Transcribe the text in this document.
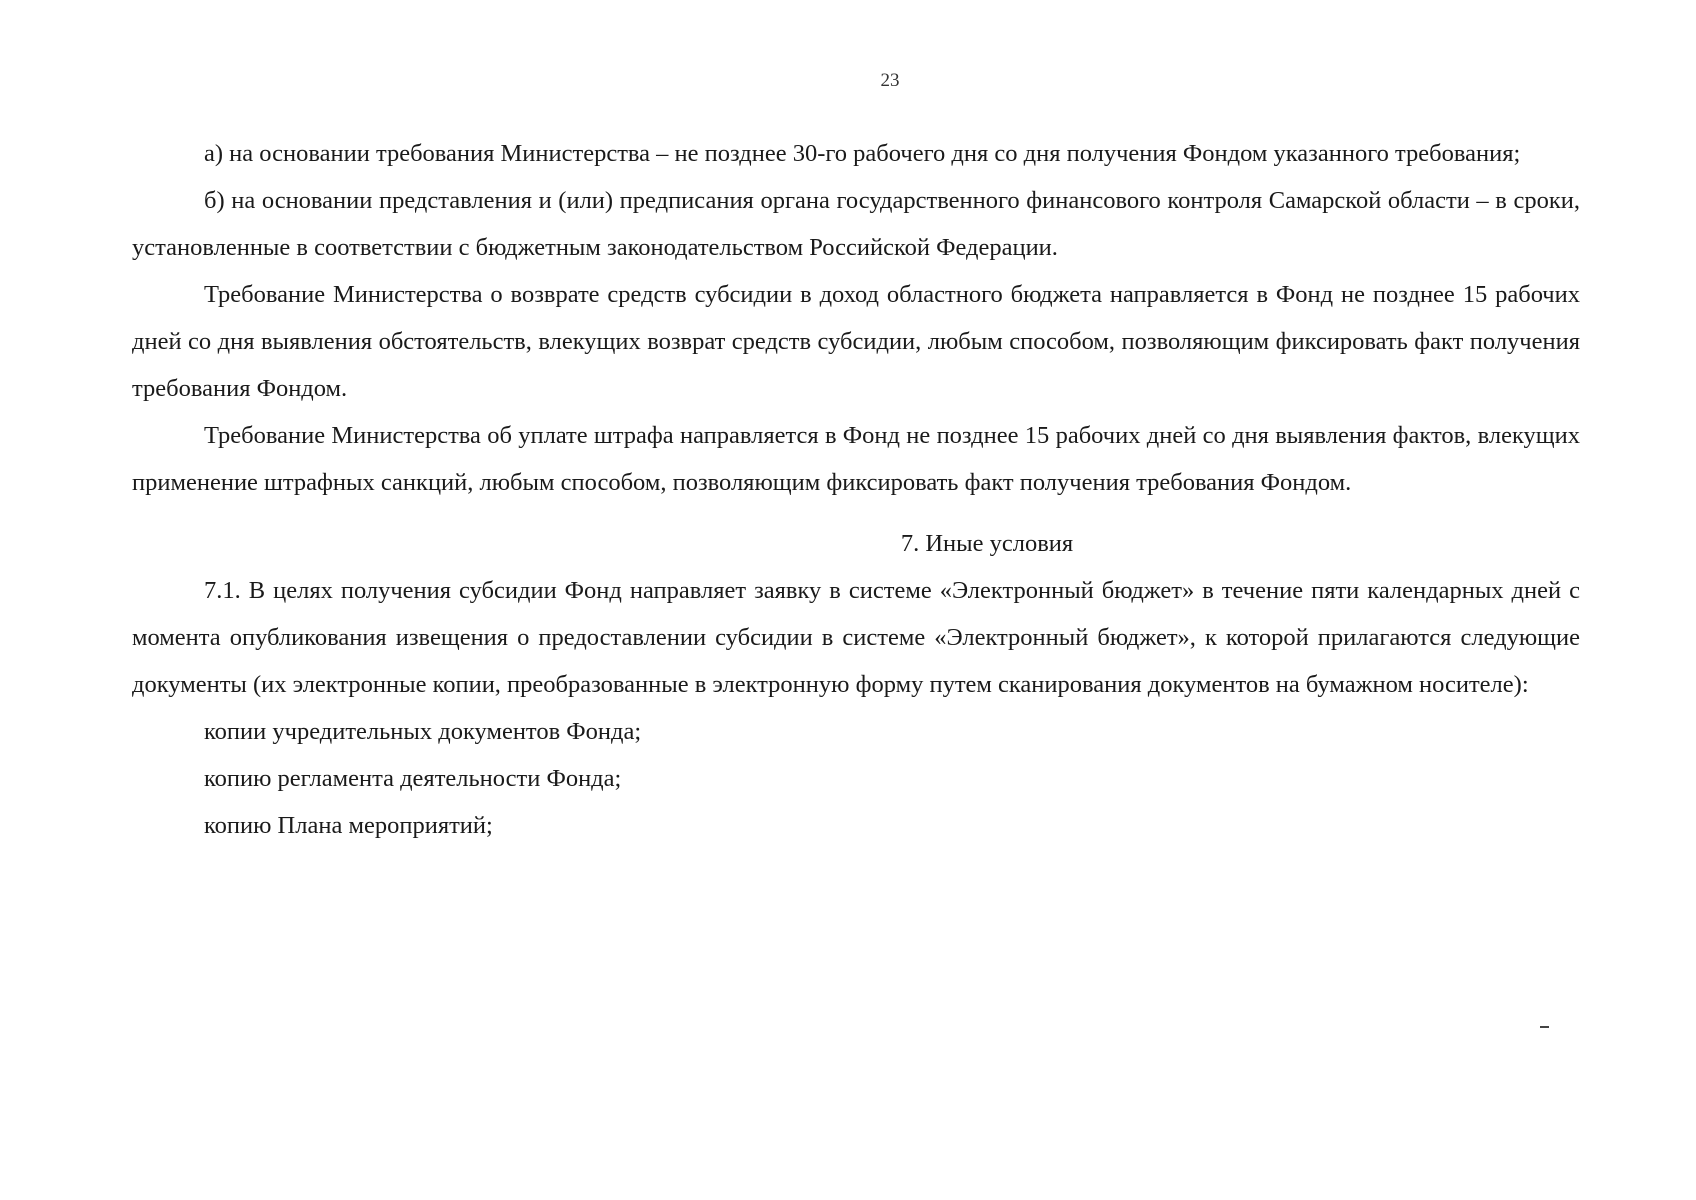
23

а) на основании требования Министерства – не позднее 30-го рабочего дня со дня получения Фондом указанного требования;

б) на основании представления и (или) предписания органа государственного финансового контроля Самарской области – в сроки, установленные в соответствии с бюджетным законодательством Российской Федерации.

Требование Министерства о возврате средств субсидии в доход областного бюджета направляется в Фонд не позднее 15 рабочих дней со дня выявления обстоятельств, влекущих возврат средств субсидии, любым способом, позволяющим фиксировать факт получения требования Фондом.

Требование Министерства об уплате штрафа направляется в Фонд не позднее 15 рабочих дней со дня выявления фактов, влекущих применение штрафных санкций, любым способом, позволяющим фиксировать факт получения требования Фондом.

7. Иные условия

7.1. В целях получения субсидии Фонд направляет заявку в системе «Электронный бюджет» в течение пяти календарных дней с момента опубликования извещения о предоставлении субсидии в системе «Электронный бюджет», к которой прилагаются следующие документы (их электронные копии, преобразованные в электронную форму путем сканирования документов на бумажном носителе):

копии учредительных документов Фонда;

копию регламента деятельности Фонда;

копию Плана мероприятий;
